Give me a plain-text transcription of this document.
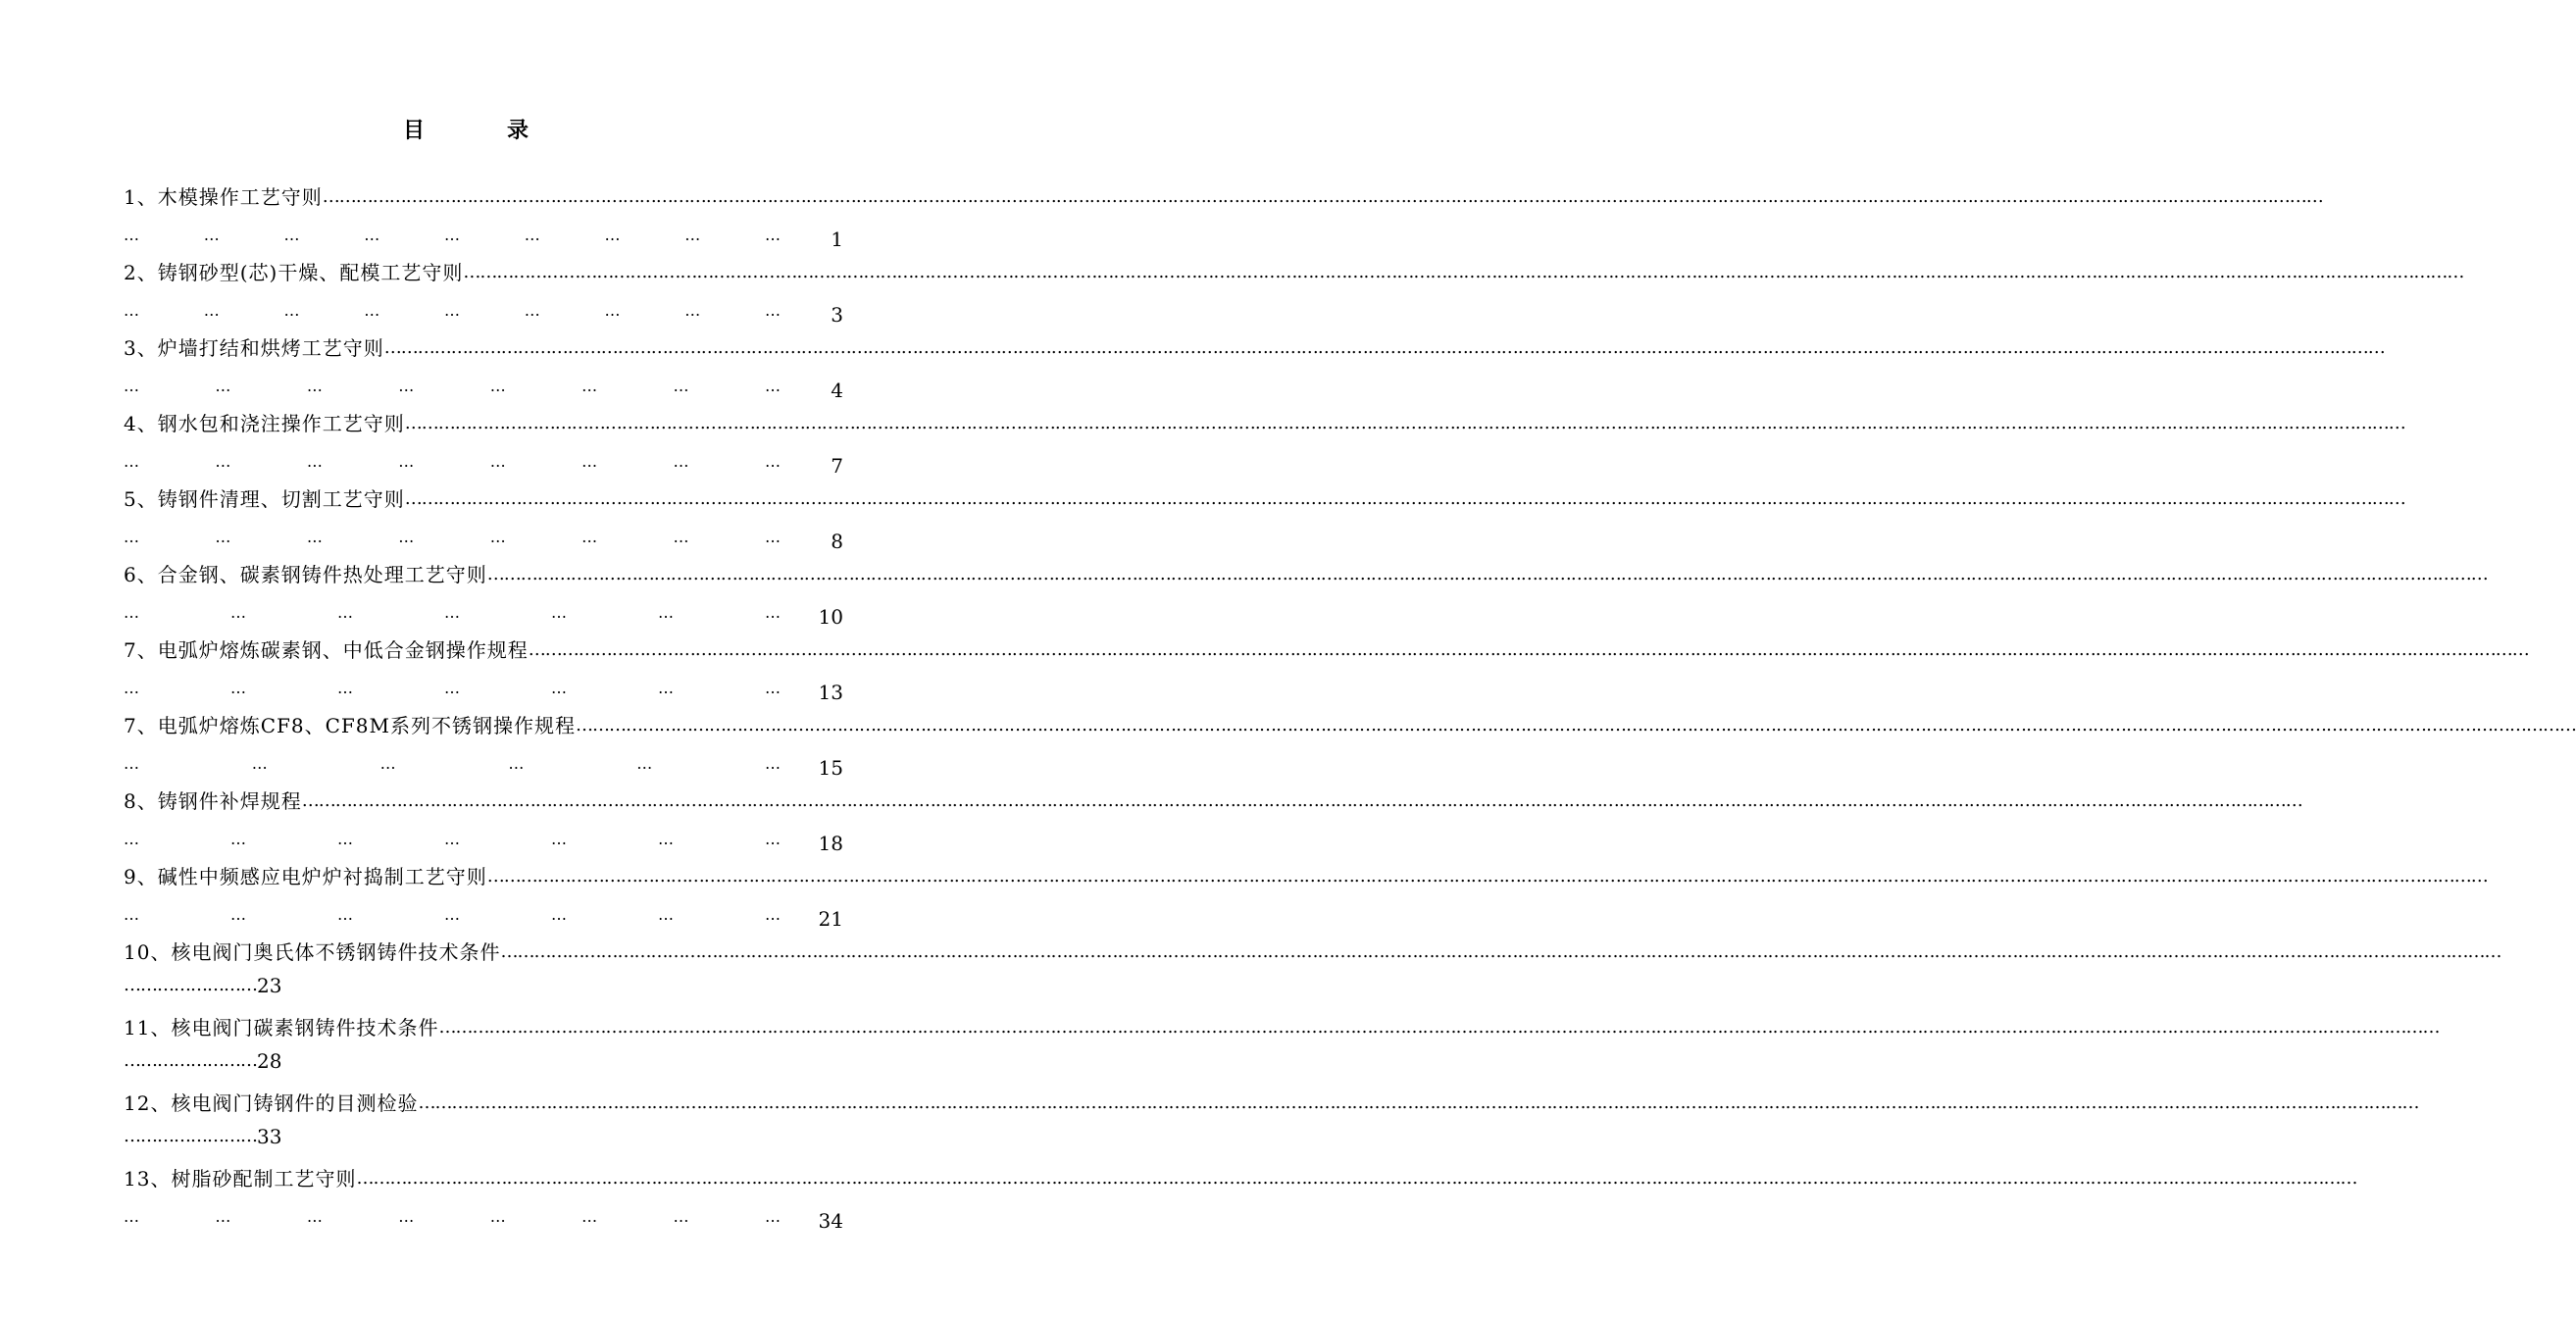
目	录
1、木模操作工艺守则 ………………………………………………………………………………………………………………………………………………………………………………………………………………………………………………………………………………………………………………………………
…	…	…	…	…	…	…	…	…	1
2、铸钢砂型(芯)干燥、配模工艺守则 ………………………………………………………………………………………………………………………………………………………………………………………………………………………………………………………………………………………………………………………………
…	…	…	…	…	…	…	…	…	3
3、炉墙打结和烘烤工艺守则 ………………………………………………………………………………………………………………………………………………………………………………………………………………………………………………………………………………………………………………………………
…	…	…	…	…	…	…	…	4
4、钢水包和浇注操作工艺守则 ………………………………………………………………………………………………………………………………………………………………………………………………………………………………………………………………………………………………………………………………
…	…	…	…	…	…	…	…	7
5、铸钢件清理、切割工艺守则 ………………………………………………………………………………………………………………………………………………………………………………………………………………………………………………………………………………………………………………………………
…	…	…	…	…	…	…	…	8
6、合金钢、碳素钢铸件热处理工艺守则 ………………………………………………………………………………………………………………………………………………………………………………………………………………………………………………………………………………………………………………………………
…	…	…	…	…	…	… 10
7、电弧炉熔炼碳素钢、中低合金钢操作规程 ………………………………………………………………………………………………………………………………………………………………………………………………………………………………………………………………………………………………………………………………
…	…	…	…	…	…	… 13
7、电弧炉熔炼CF8、CF8M系列不锈钢操作规程 ………………………………………………………………………………………………………………………………………………………………………………………………………………………………………………………………………………………………………………………………
…	…	…	…	…	… 15
8、铸钢件补焊规程 ………………………………………………………………………………………………………………………………………………………………………………………………………………………………………………………………………………………………………………………………
…	…	…	…	…	…	… 18
9、碱性中频感应电炉炉衬捣制工艺守则 ………………………………………………………………………………………………………………………………………………………………………………………………………………………………………………………………………………………………………………………………
…	…	…	…	…	…	… 21
10、核电阀门奥氏体不锈钢铸件技术条件 ………………………………………………………………………………………………………………………………………………………………………………………………………………………………………………………………………………………………………………………………
…………………… 23
11、核电阀门碳素钢铸件技术条件 ………………………………………………………………………………………………………………………………………………………………………………………………………………………………………………………………………………………………………………………………
…………………… 28
12、核电阀门铸钢件的目测检验 ………………………………………………………………………………………………………………………………………………………………………………………………………………………………………………………………………………………………………………………………
…………………… 33
13、树脂砂配制工艺守则 ………………………………………………………………………………………………………………………………………………………………………………………………………………………………………………………………………………………………………………………………
…	…	…	…	…	…	…	… 34
